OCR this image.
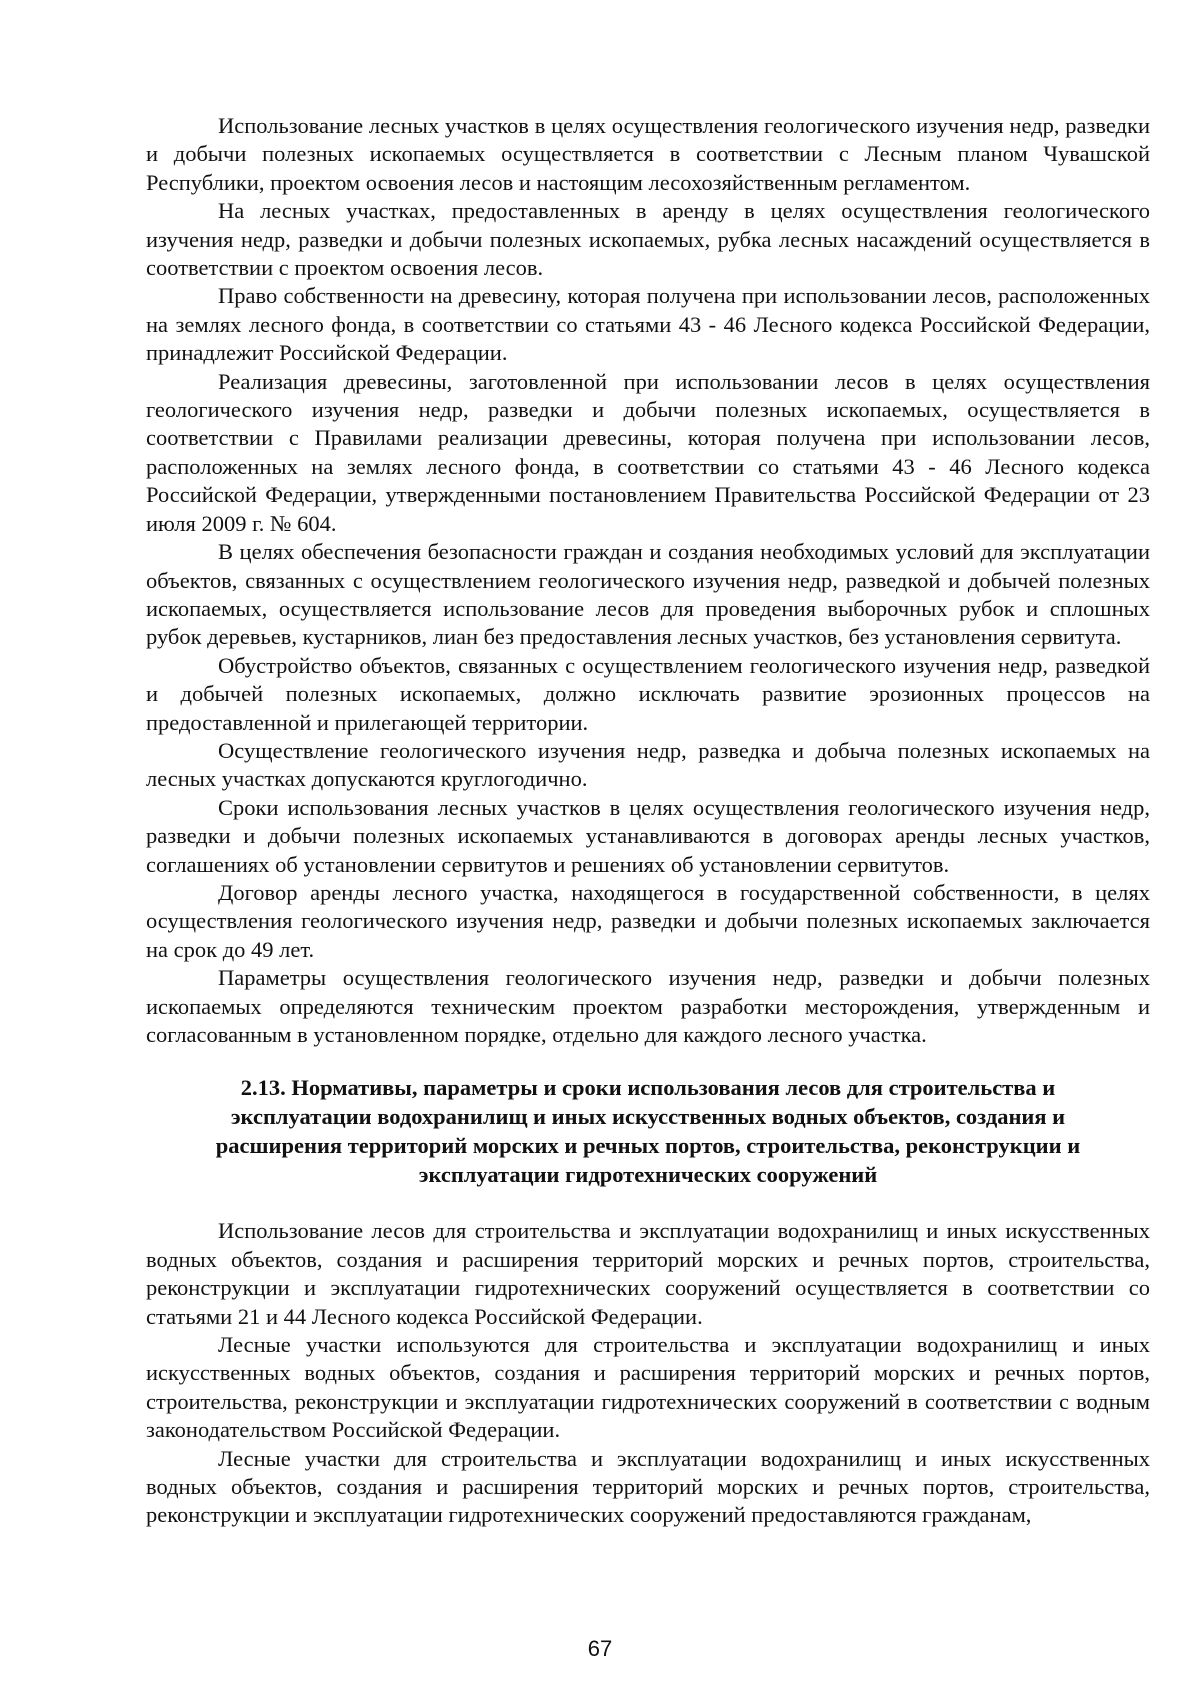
Использование лесных участков в целях осуществления геологического изучения недр, разведки и добычи полезных ископаемых осуществляется в соответствии с Лесным планом Чувашской Республики, проектом освоения лесов и настоящим лесохозяйственным регламентом.

На лесных участках, предоставленных в аренду в целях осуществления геологического изучения недр, разведки и добычи полезных ископаемых, рубка лесных насаждений осуществляется в соответствии с проектом освоения лесов.

Право собственности на древесину, которая получена при использовании лесов, расположенных на землях лесного фонда, в соответствии со статьями 43 - 46 Лесного кодекса Российской Федерации, принадлежит Российской Федерации.

Реализация древесины, заготовленной при использовании лесов в целях осуществления геологического изучения недр, разведки и добычи полезных ископаемых, осуществляется в соответствии с Правилами реализации древесины, которая получена при использовании лесов, расположенных на землях лесного фонда, в соответствии со статьями 43 - 46 Лесного кодекса Российской Федерации, утвержденными постановлением Правительства Российской Федерации от 23 июля 2009 г. № 604.

В целях обеспечения безопасности граждан и создания необходимых условий для эксплуатации объектов, связанных с осуществлением геологического изучения недр, разведкой и добычей полезных ископаемых, осуществляется использование лесов для проведения выборочных рубок и сплошных рубок деревьев, кустарников, лиан без предоставления лесных участков, без установления сервитута.

Обустройство объектов, связанных с осуществлением геологического изучения недр, разведкой и добычей полезных ископаемых, должно исключать развитие эрозионных процессов на предоставленной и прилегающей территории.

Осуществление геологического изучения недр, разведка и добыча полезных ископаемых на лесных участках допускаются круглогодично.

Сроки использования лесных участков в целях осуществления геологического изучения недр, разведки и добычи полезных ископаемых устанавливаются в договорах аренды лесных участков, соглашениях об установлении сервитутов и решениях об установлении сервитутов.

Договор аренды лесного участка, находящегося в государственной собственности, в целях осуществления геологического изучения недр, разведки и добычи полезных ископаемых заключается на срок до 49 лет.

Параметры осуществления геологического изучения недр, разведки и добычи полезных ископаемых определяются техническим проектом разработки месторождения, утвержденным и согласованным в установленном порядке, отдельно для каждого лесного участка.

2.13. Нормативы, параметры и сроки использования лесов для строительства и
эксплуатации водохранилищ и иных искусственных водных объектов, создания и
расширения территорий морских и речных портов, строительства, реконструкции и
эксплуатации гидротехнических сооружений

Использование лесов для строительства и эксплуатации водохранилищ и иных искусственных водных объектов, создания и расширения территорий морских и речных портов, строительства, реконструкции и эксплуатации гидротехнических сооружений осуществляется в соответствии со статьями 21 и 44 Лесного кодекса Российской Федерации.

Лесные участки используются для строительства и эксплуатации водохранилищ и иных искусственных водных объектов, создания и расширения территорий морских и речных портов, строительства, реконструкции и эксплуатации гидротехнических сооружений в соответствии с водным законодательством Российской Федерации.

Лесные участки для строительства и эксплуатации водохранилищ и иных искусственных водных объектов, создания и расширения территорий морских и речных портов, строительства, реконструкции и эксплуатации гидротехнических сооружений предоставляются гражданам,

67
